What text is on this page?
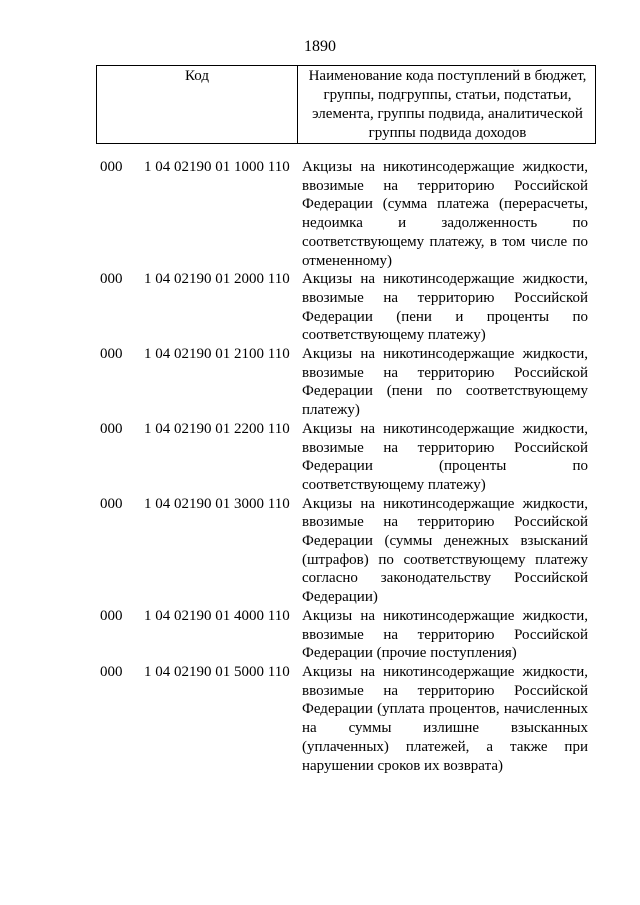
1890
Код	Наименование кода поступлений в бюджет, группы, подгруппы, статьи, подстатьи, элемента, группы подвида, аналитической группы подвида доходов
000	1 04 02190 01 1000 110 Акцизы на никотинсодержащие жидкости, ввозимые на территорию Российской Федерации (сумма платежа (перерасчеты, недоимка и задолженность по соответствующему платежу, в том числе по отмененному)
000	1 04 02190 01 2000 110 Акцизы на никотинсодержащие жидкости, ввозимые на территорию Российской Федерации (пени и проценты по соответствующему платежу)
000	1 04 02190 01 2100 110 Акцизы на никотинсодержащие жидкости, ввозимые на территорию Российской Федерации (пени по соответствующему платежу)
000	1 04 02190 01 2200 110 Акцизы на никотинсодержащие жидкости, ввозимые на территорию Российской Федерации (проценты по соответствующему платежу)
000	1 04 02190 01 3000 110 Акцизы на никотинсодержащие жидкости, ввозимые на территорию Российской Федерации (суммы денежных взысканий (штрафов) по соответствующему платежу согласно законодательству Российской Федерации)
000	1 04 02190 01 4000 110 Акцизы на никотинсодержащие жидкости, ввозимые на территорию Российской Федерации (прочие поступления)
000	1 04 02190 01 5000 110 Акцизы на никотинсодержащие жидкости, ввозимые на территорию Российской Федерации (уплата процентов, начисленных на суммы излишне взысканных (уплаченных) платежей, а также при нарушении сроков их возврата)
